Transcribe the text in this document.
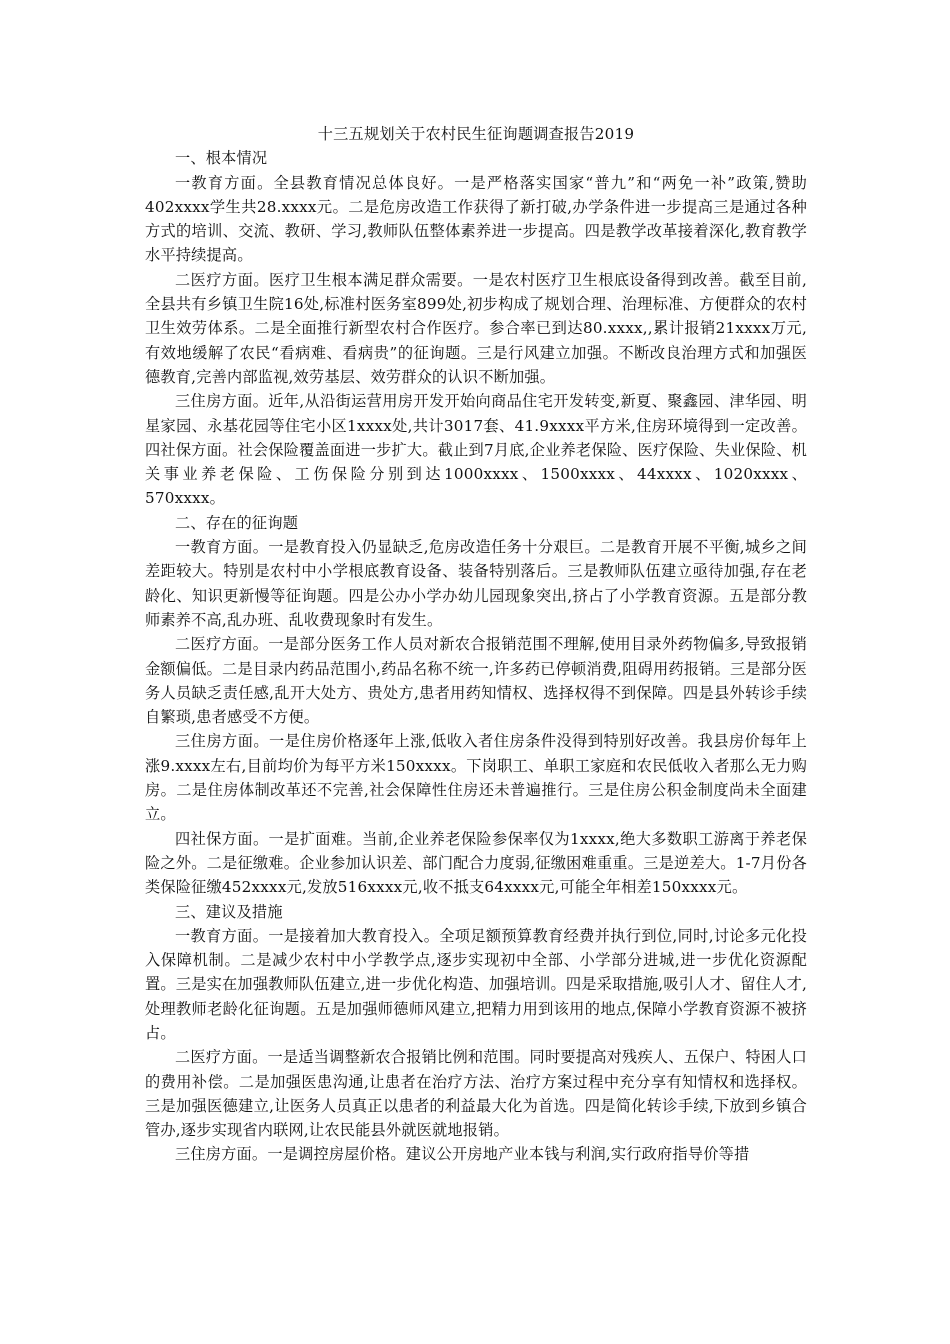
十三五规划关于农村民生征询题调查报告2019

一、根本情况

一教育方面。全县教育情况总体良好。一是严格落实国家“普九”和“两免一补”政策,赞助402xxxx学生共28.xxxx元。二是危房改造工作获得了新打破,办学条件进一步提高三是通过各种方式的培训、交流、教研、学习,教师队伍整体素养进一步提高。四是教学改革接着深化,教育教学水平持续提高。

二医疗方面。医疗卫生根本满足群众需要。一是农村医疗卫生根底设备得到改善。截至目前,全县共有乡镇卫生院16处,标准村医务室899处,初步构成了规划合理、治理标准、方便群众的农村卫生效劳体系。二是全面推行新型农村合作医疗。参合率已到达80.xxxx,,累计报销21xxxx万元,有效地缓解了农民“看病难、看病贵”的征询题。三是行风建立加强。不断改良治理方式和加强医德教育,完善内部监视,效劳基层、效劳群众的认识不断加强。

三住房方面。近年,从沿街运营用房开发开始向商品住宅开发转变,新夏、聚鑫园、津华园、明星家园、永基花园等住宅小区1xxxx处,共计3017套、41.9xxxx平方米,住房环境得到一定改善。四社保方面。社会保险覆盖面进一步扩大。截止到7月底,企业养老保险、医疗保险、失业保险、机关事业养老保险、工伤保险分别到达1000xxxx、1500xxxx、44xxxx、1020xxxx、570xxxx。

二、存在的征询题

一教育方面。一是教育投入仍显缺乏,危房改造任务十分艰巨。二是教育开展不平衡,城乡之间差距较大。特别是农村中小学根底教育设备、装备特别落后。三是教师队伍建立亟待加强,存在老龄化、知识更新慢等征询题。四是公办小学办幼儿园现象突出,挤占了小学教育资源。五是部分教师素养不高,乱办班、乱收费现象时有发生。

二医疗方面。一是部分医务工作人员对新农合报销范围不理解,使用目录外药物偏多,导致报销金额偏低。二是目录内药品范围小,药品名称不统一,许多药已停顿消费,阻碍用药报销。三是部分医务人员缺乏责任感,乱开大处方、贵处方,患者用药知情权、选择权得不到保障。四是县外转诊手续自繁琐,患者感受不方便。

三住房方面。一是住房价格逐年上涨,低收入者住房条件没得到特别好改善。我县房价每年上涨9.xxxx左右,目前均价为每平方米150xxxx。下岗职工、单职工家庭和农民低收入者那么无力购房。二是住房体制改革还不完善,社会保障性住房还未普遍推行。三是住房公积金制度尚未全面建立。

四社保方面。一是扩面难。当前,企业养老保险参保率仅为1xxxx,绝大多数职工游离于养老保险之外。二是征缴难。企业参加认识差、部门配合力度弱,征缴困难重重。三是逆差大。1-7月份各类保险征缴452xxxx元,发放516xxxx元,收不抵支64xxxx元,可能全年相差150xxxx元。

三、建议及措施

一教育方面。一是接着加大教育投入。全项足额预算教育经费并执行到位,同时,讨论多元化投入保障机制。二是减少农村中小学教学点,逐步实现初中全部、小学部分进城,进一步优化资源配置。三是实在加强教师队伍建立,进一步优化构造、加强培训。四是采取措施,吸引人才、留住人才,处理教师老龄化征询题。五是加强师德师风建立,把精力用到该用的地点,保障小学教育资源不被挤占。

二医疗方面。一是适当调整新农合报销比例和范围。同时要提高对残疾人、五保户、特困人口的费用补偿。二是加强医患沟通,让患者在治疗方法、治疗方案过程中充分享有知情权和选择权。三是加强医德建立,让医务人员真正以患者的利益最大化为首选。四是简化转诊手续,下放到乡镇合管办,逐步实现省内联网,让农民能县外就医就地报销。

三住房方面。一是调控房屋价格。建议公开房地产业本钱与利润,实行政府指导价等措
